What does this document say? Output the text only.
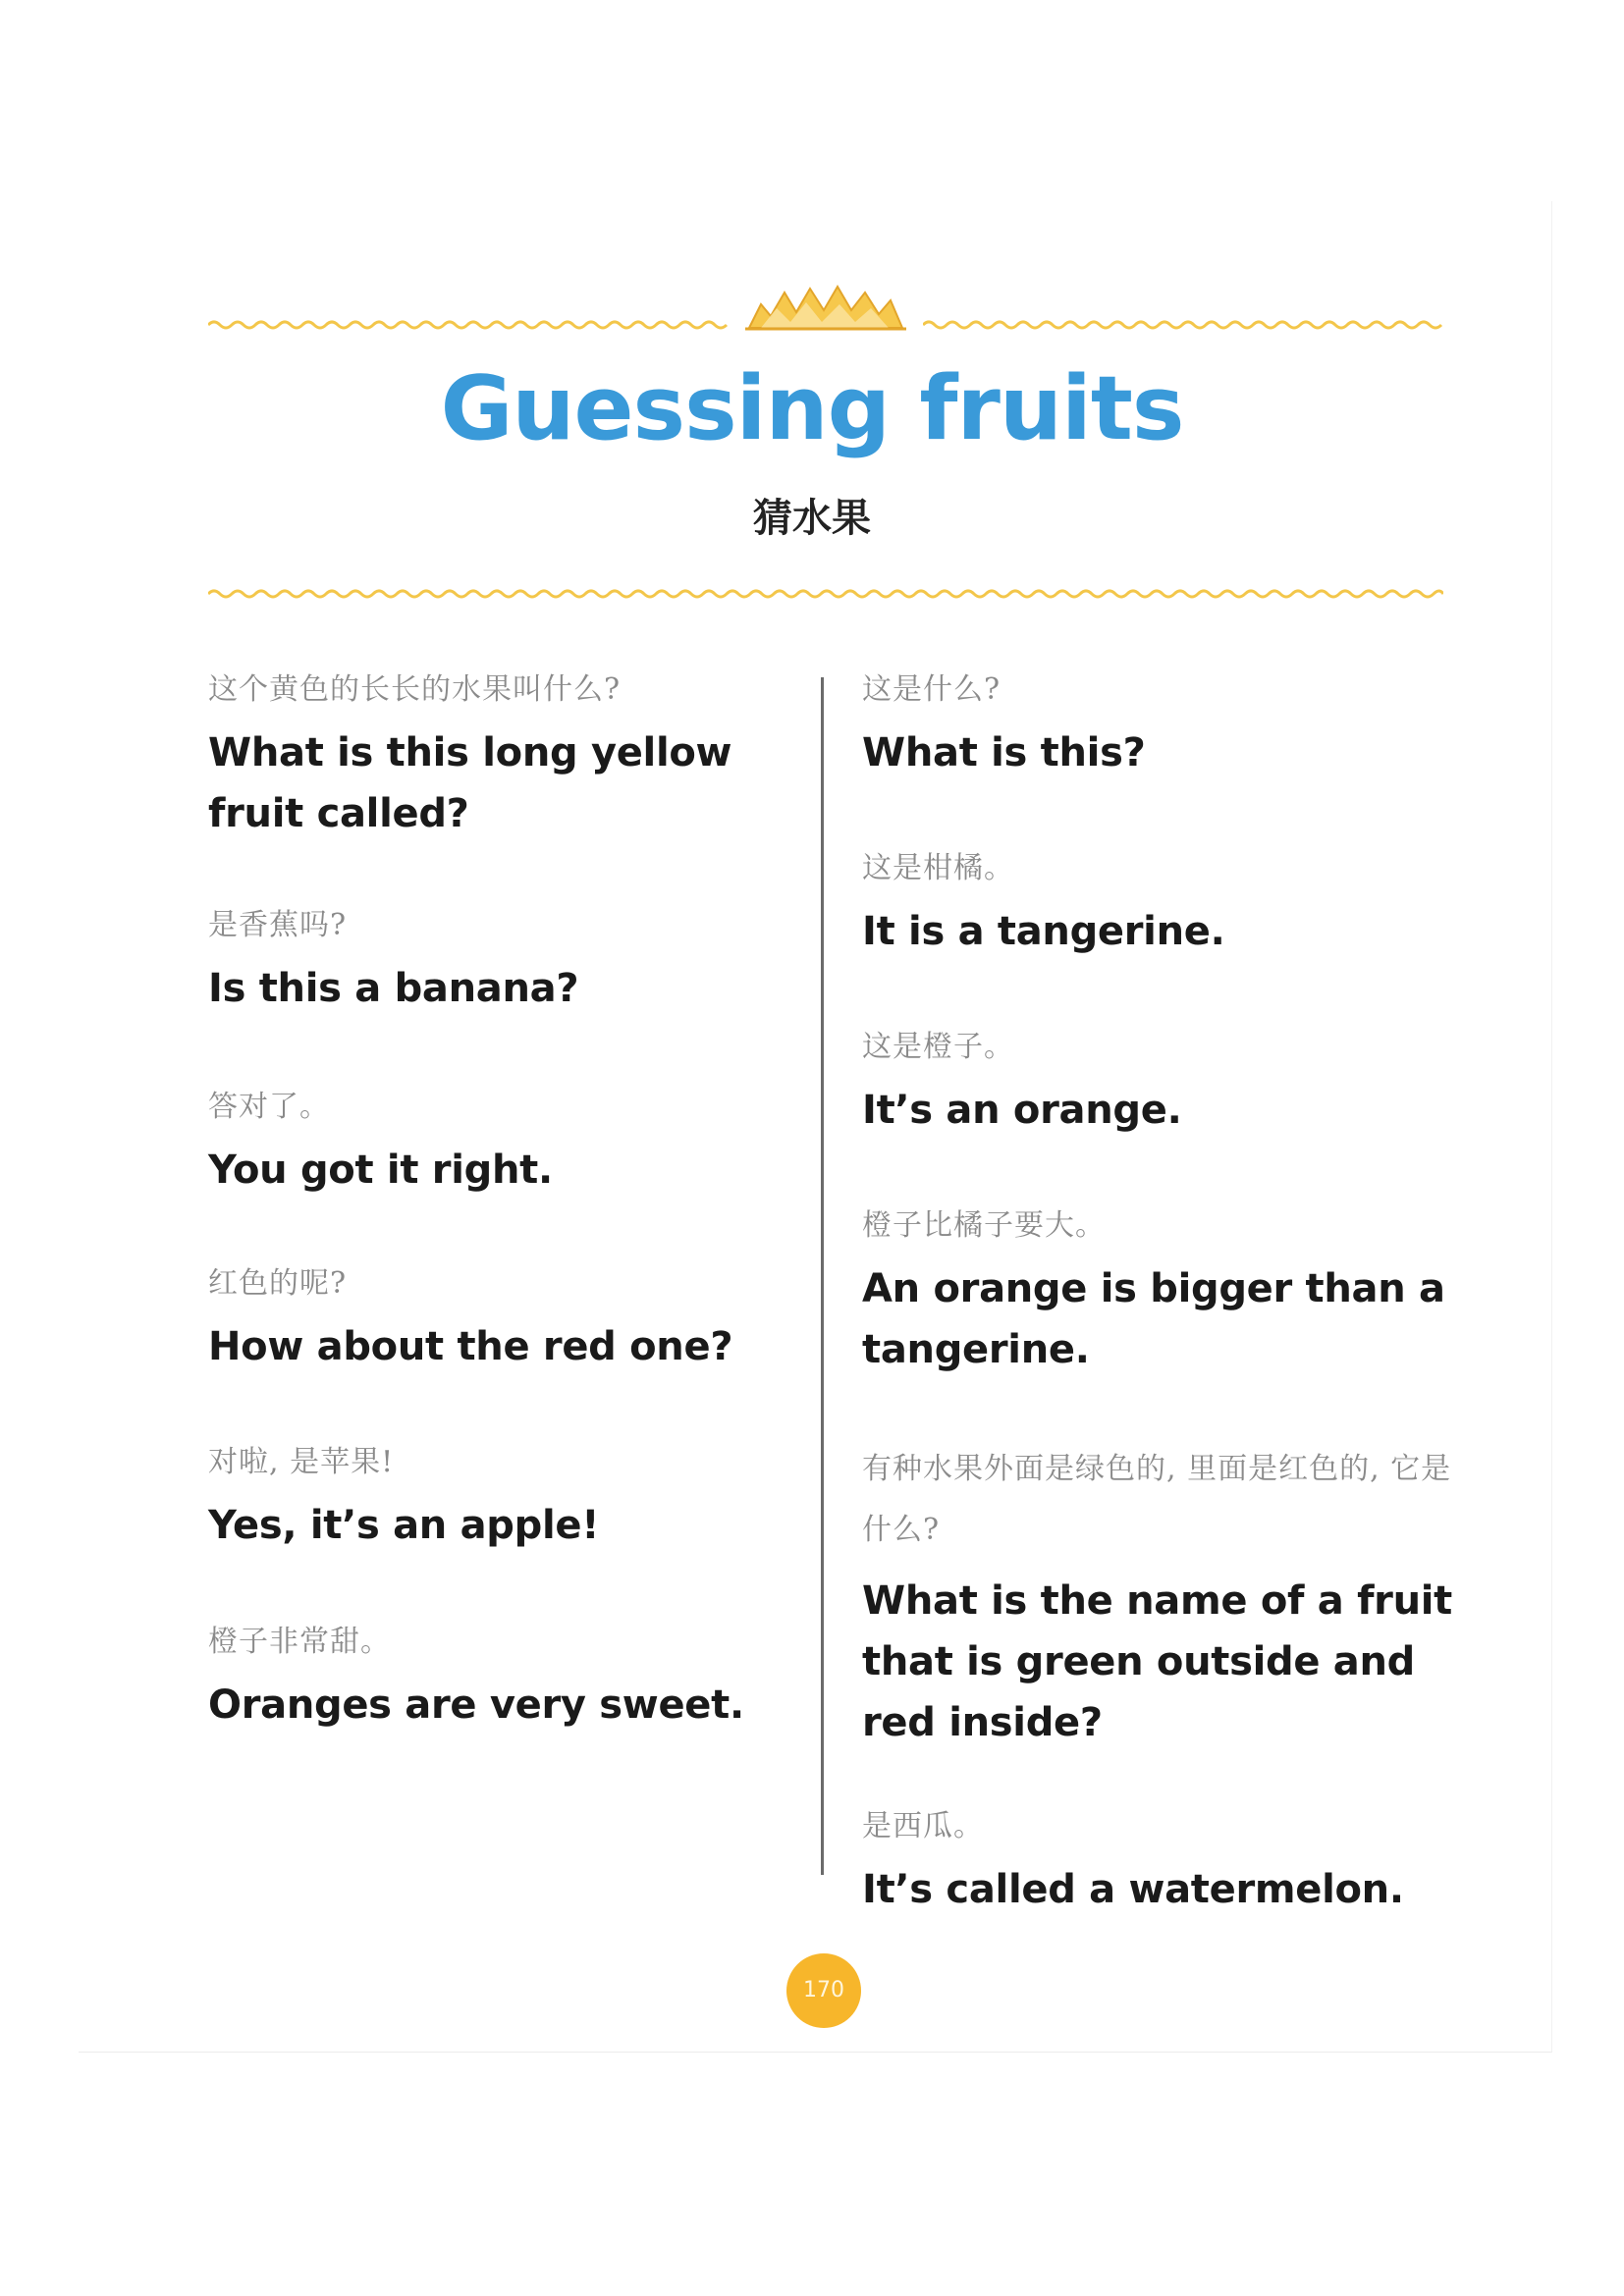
Guessing fruits
猜水果
这个黄色的长长的水果叫什么?
What is this long yellow fruit called?
是香蕉吗?
Is this a banana?
答对了。
You got it right.
红色的呢?
How about the red one?
对啦, 是苹果!
Yes, it’s an apple!
橙子非常甜。
Oranges are very sweet.
这是什么?
What is this?
这是柑橘。
It is a tangerine.
这是橙子。
It’s an orange.
橙子比橘子要大。
An orange is bigger than a tangerine.
有种水果外面是绿色的, 里面是红色的, 它是什么?
What is the name of a fruit that is green outside and red inside?
是西瓜。
It’s called a watermelon.
170
